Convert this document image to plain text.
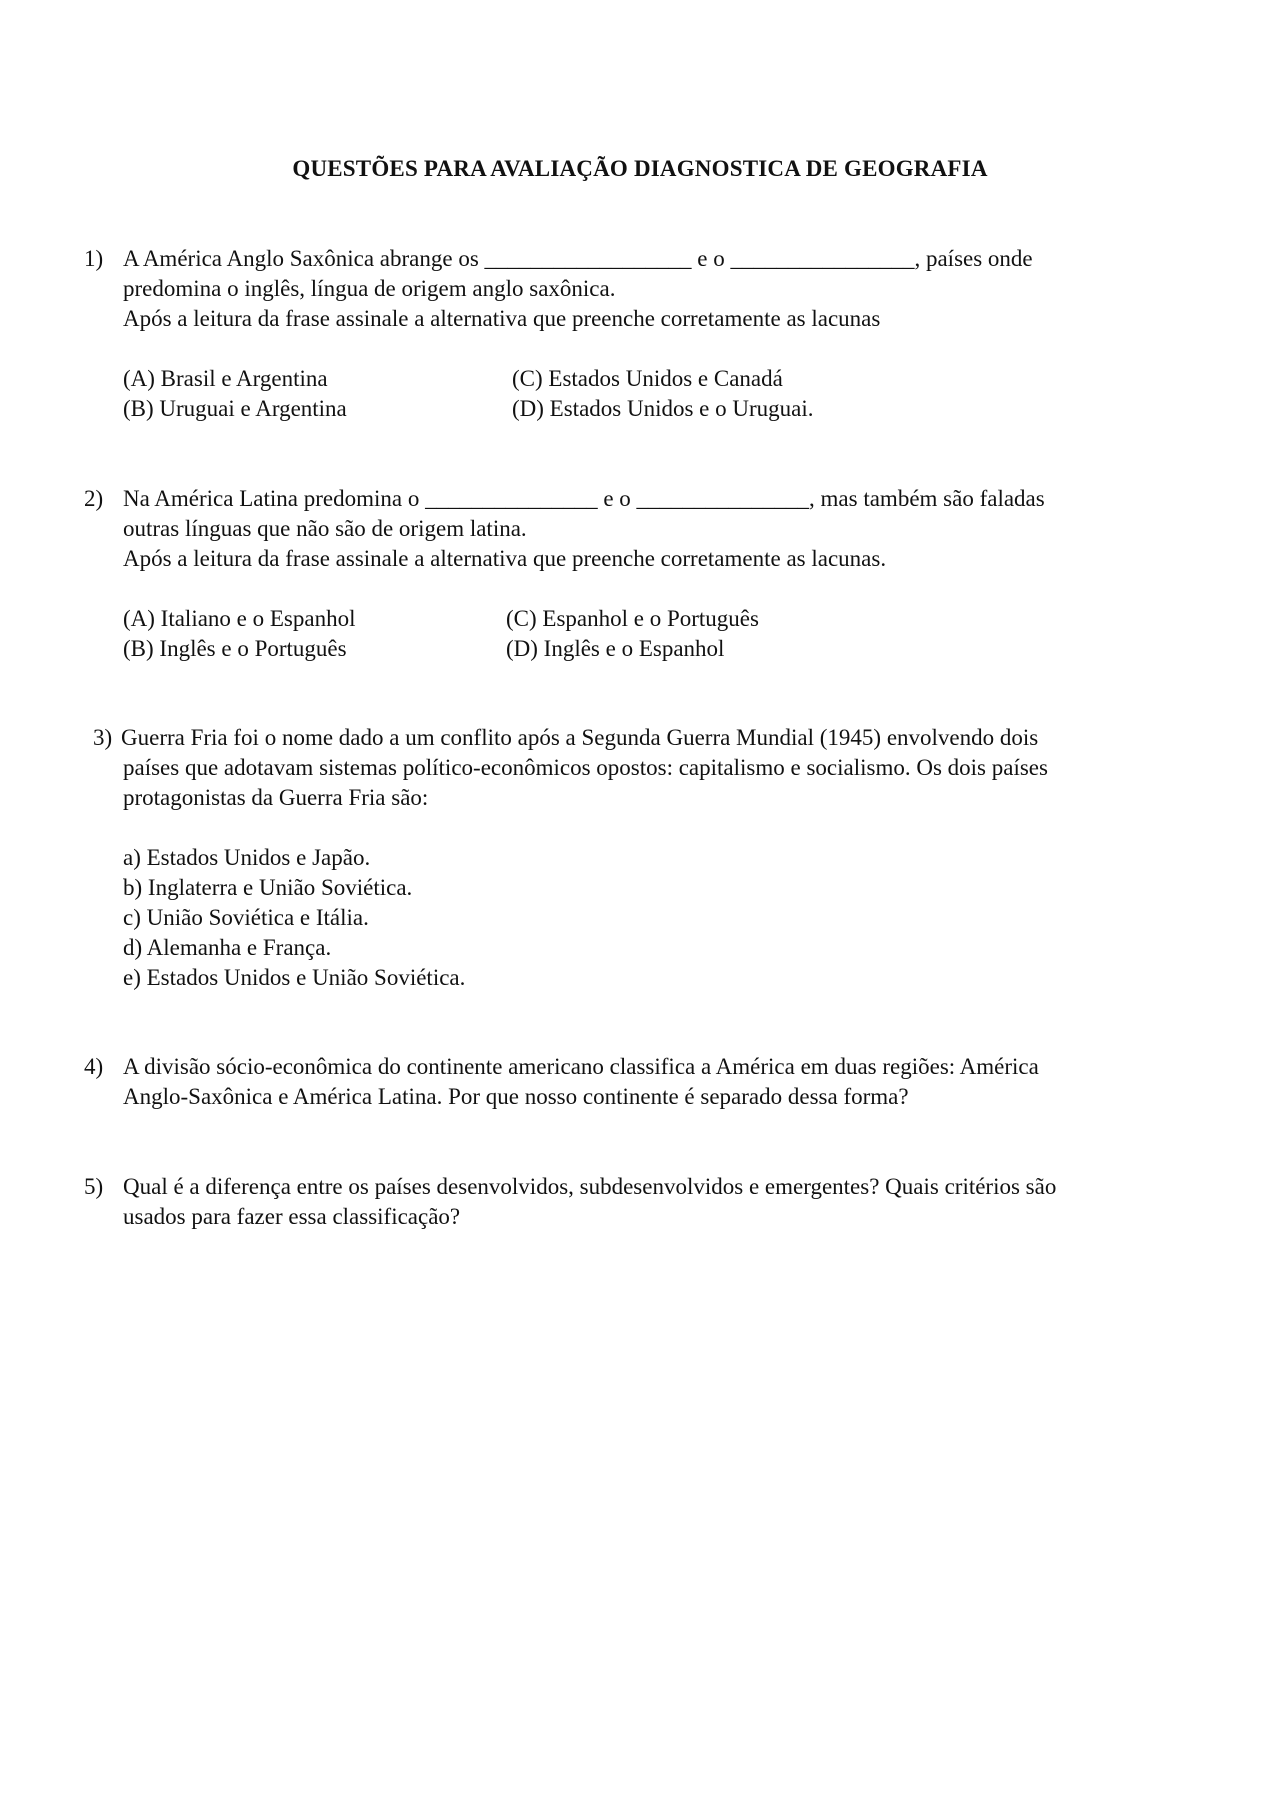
QUESTÕES PARA AVALIAÇÃO DIAGNOSTICA DE GEOGRAFIA
1) A América Anglo Saxônica abrange os __________________ e o ________________, países onde
predomina o inglês, língua de origem anglo saxônica.
Após a leitura da frase assinale a alternativa que preenche corretamente as lacunas
(A) Brasil e Argentina
(B) Uruguai e Argentina
(C) Estados Unidos e Canadá
(D) Estados Unidos e o Uruguai.
2) Na América Latina predomina o _______________ e o _______________, mas também são faladas
outras línguas que não são de origem latina.
Após a leitura da frase assinale a alternativa que preenche corretamente as lacunas.
(A) Italiano e o Espanhol
(B) Inglês e o Português
(C) Espanhol e o Português
(D) Inglês e o Espanhol
3) Guerra Fria foi o nome dado a um conflito após a Segunda Guerra Mundial (1945) envolvendo dois
países que adotavam sistemas político-econômicos opostos: capitalismo e socialismo. Os dois países
protagonistas da Guerra Fria são:
a) Estados Unidos e Japão.
b) Inglaterra e União Soviética.
c) União Soviética e Itália.
d) Alemanha e França.
e) Estados Unidos e União Soviética.
4) A divisão sócio-econômica do continente americano classifica a América em duas regiões: América
Anglo-Saxônica e América Latina. Por que nosso continente é separado dessa forma?
5) Qual é a diferença entre os países desenvolvidos, subdesenvolvidos e emergentes? Quais critérios são
usados para fazer essa classificação?
